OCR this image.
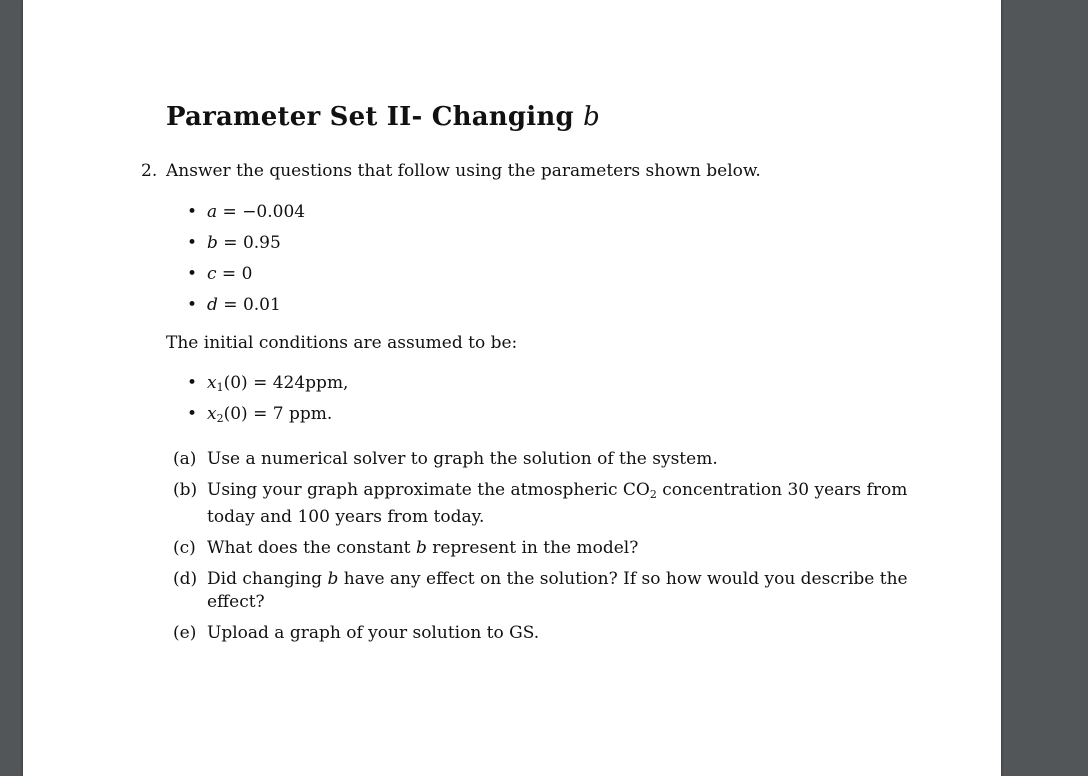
Parameter Set II- Changing b
2. Answer the questions that follow using the parameters shown below.
• a = −0.004
• b = 0.95
• c = 0
• d = 0.01
The initial conditions are assumed to be:
• $x_1(0) = 424ppm$,
• $x_2(0) = 7$ ppm.
(a) Use a numerical solver to graph the solution of the system.
(b) Using your graph approximate the atmospheric $CO_2$ concentration 30 years from today and 100 years from today.
(c) What does the constant b represent in the model?
(d) Did changing b have any effect on the solution? If so how would you describe the effect?
(e) Upload a graph of your solution to GS.
